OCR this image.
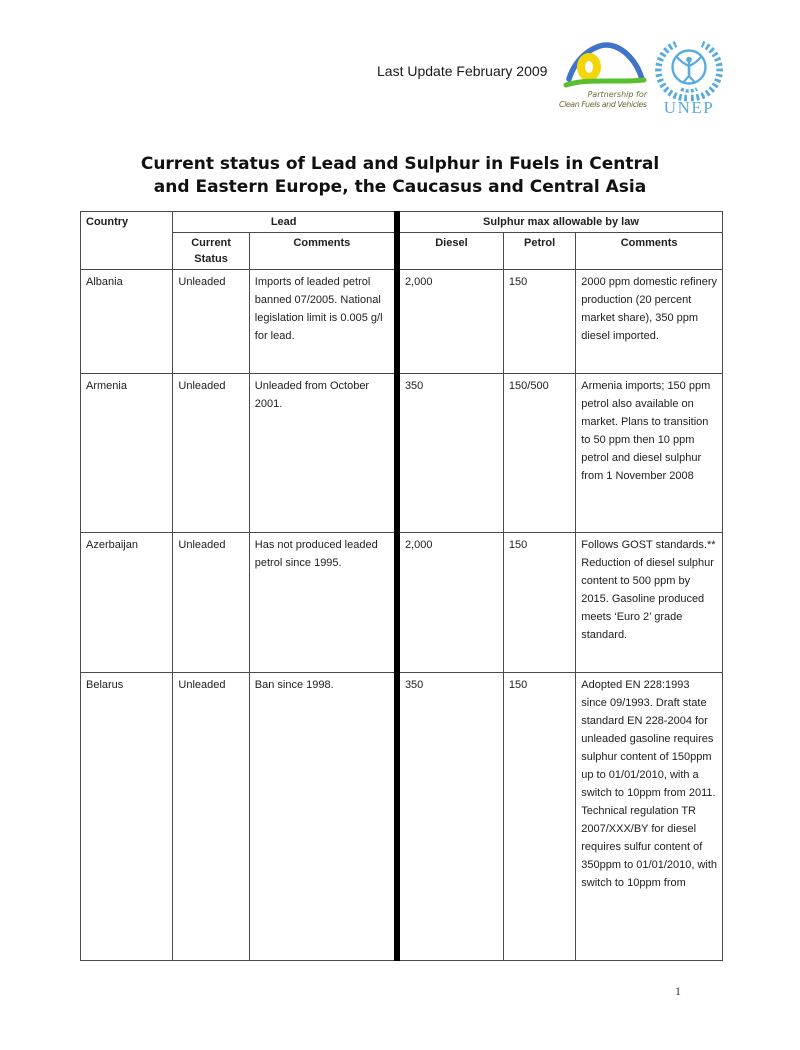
Last Update February 2009
Partnership for
Clean Fuels and Vehicles UNEP
Current status of Lead and Sulphur in Fuels in Central
and Eastern Europe, the Caucasus and Central Asia
Country	Lead		Sulphur max allowable by law		
	Current Status	Comments	Diesel	Petrol	Comments
Albania	Unleaded	Imports of leaded petrol banned 07/2005. National legislation limit is 0.005 g/l for lead.	2,000	150	2000 ppm domestic refinery production (20 percent market share), 350 ppm diesel imported.
Armenia	Unleaded	Unleaded from October 2001.	350	150/500	Armenia imports; 150 ppm petrol also available on market. Plans to transition to 50 ppm then 10 ppm petrol and diesel sulphur from 1 November 2008
Azerbaijan	Unleaded	Has not produced leaded petrol since 1995.	2,000	150	Follows GOST standards.** Reduction of diesel sulphur content to 500 ppm by 2015. Gasoline produced meets ‘Euro 2’ grade standard.
Belarus	Unleaded	Ban since 1998.	350	150	Adopted EN 228:1993 since 09/1993. Draft state standard EN 228-2004 for unleaded gasoline requires sulphur content of 150ppm up to 01/01/2010, with a switch to 10ppm from 2011. Technical regulation TR 2007/XXX/BY for diesel requires sulfur content of 350ppm to 01/01/2010, with switch to 10ppm from
1
